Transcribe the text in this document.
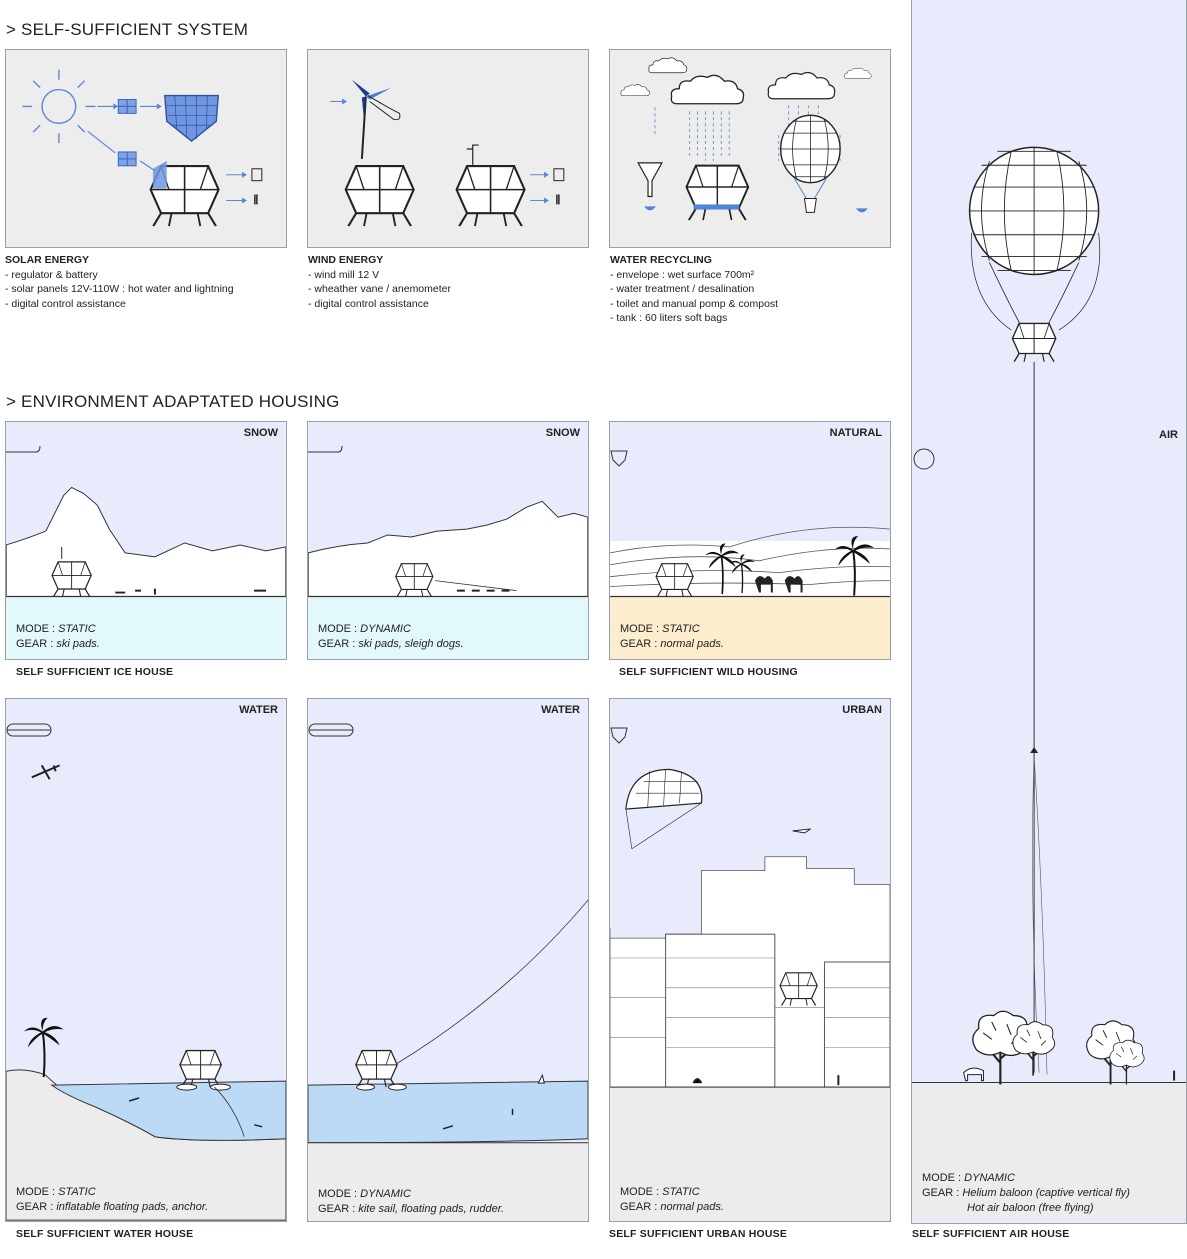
> SELF-SUFFICIENT SYSTEM
> ENVIRONMENT ADAPTATED HOUSING
SOLAR ENERGY
- regulator & battery
- solar panels 12V-110W : hot water and lightning
- digital control assistance
WIND ENERGY
- wind mill 12 V
- wheather vane / anemometer
- digital control assistance
WATER RECYCLING
- envelope : wet surface 700m²
- water treatment / desalination
- toilet and manual pomp & compost
- tank : 60 liters soft bags
SNOW
MODE : STATIC
GEAR : ski pads.
SNOW
MODE : DYNAMIC
GEAR : ski pads, sleigh dogs.
NATURAL
MODE : STATIC
GEAR : normal pads.
SELF SUFFICIENT ICE HOUSE	SELF SUFFICIENT WILD HOUSING
WATER
MODE : STATIC
GEAR : inflatable floating pads, anchor.
WATER
MODE : DYNAMIC
GEAR : kite sail, floating pads, rudder.
URBAN
MODE : STATIC
GEAR : normal pads.
SELF SUFFICIENT WATER HOUSE	SELF SUFFICIENT URBAN HOUSE
AIR
MODE : DYNAMIC
GEAR : Helium baloon (captive vertical fly)
Hot air baloon (free flying)
SELF SUFFICIENT AIR HOUSE
